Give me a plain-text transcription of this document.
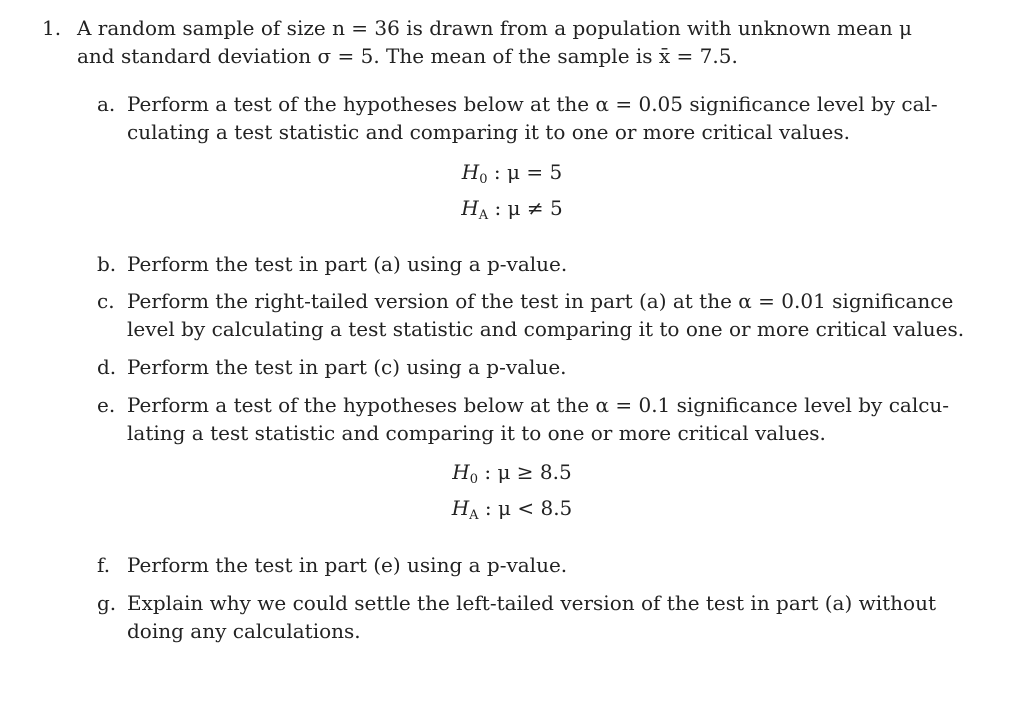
1. A random sample of size n = 36 is drawn from a population with unknown mean μ
and standard deviation σ = 5. The mean of the sample is x̄ = 7.5.
a. Perform a test of the hypotheses below at the α = 0.05 significance level by cal-
culating a test statistic and comparing it to one or more critical values.
$H_0$ : μ = 5
$H_A$ : μ ≠ 5
b. Perform the test in part (a) using a p-value.
c. Perform the right-tailed version of the test in part (a) at the α = 0.01 significance
level by calculating a test statistic and comparing it to one or more critical values.
d. Perform the test in part (c) using a p-value.
e. Perform a test of the hypotheses below at the α = 0.1 significance level by calcu-
lating a test statistic and comparing it to one or more critical values.
$H_0$ : μ ≥ 8.5
$H_A$ : μ < 8.5
f. Perform the test in part (e) using a p-value.
g. Explain why we could settle the left-tailed version of the test in part (a) without
doing any calculations.
